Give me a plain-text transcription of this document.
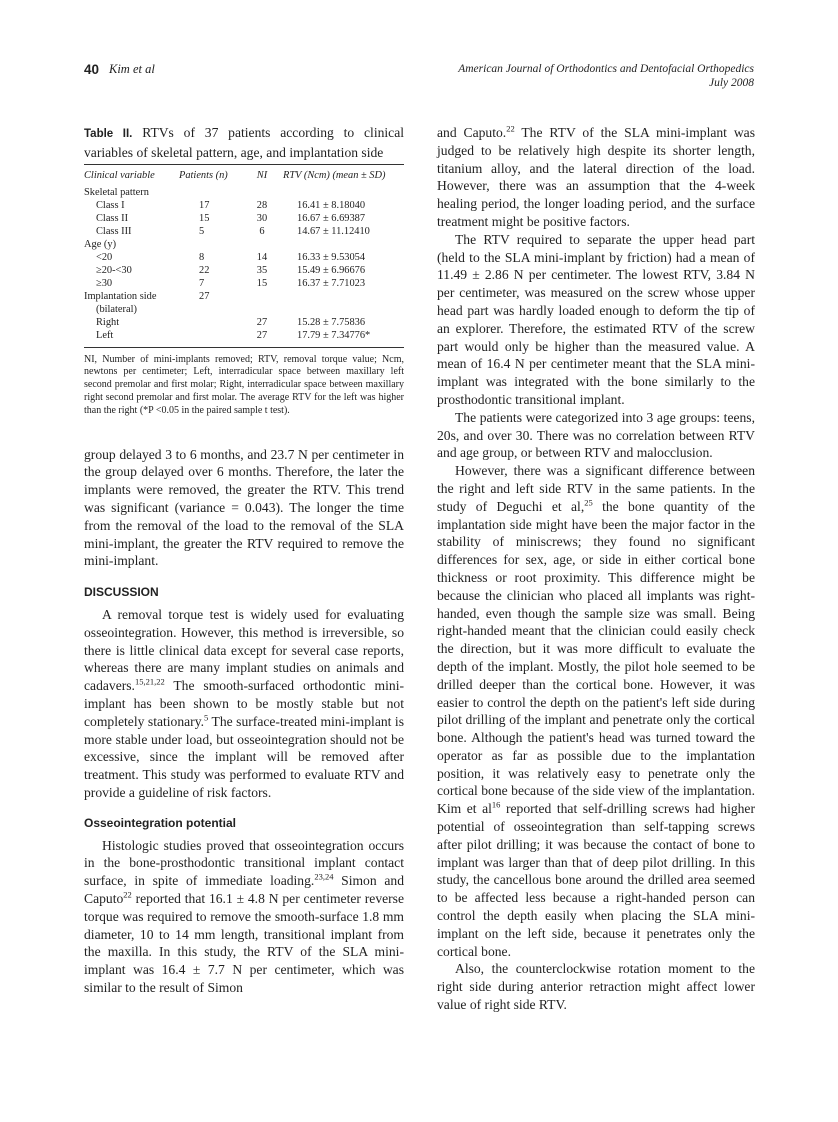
40 Kim et al	American Journal of Orthodontics and Dentofacial Orthopedics
July 2008

Table II. RTVs of 37 patients according to clinical variables of skeletal pattern, age, and implantation side

Clinical variable	Patients (n)	NI	RTV (Ncm) (mean ± SD)
Skeletal pattern			
Class I	17	28	16.41 ± 8.18040
Class II	15	30	16.67 ± 6.69387
Class III	5	6	14.67 ± 11.12410
Age (y)			
<20	8	14	16.33 ± 9.53054
≥20-<30	22	35	15.49 ± 6.96676
≥30	7	15	16.37 ± 7.71023
Implantation side	27		
(bilateral)			
Right		27	15.28 ± 7.75836
Left		27	17.79 ± 7.34776*

NI, Number of mini-implants removed; RTV, removal torque value; Ncm, newtons per centimeter; Left, interradicular space between maxillary left second premolar and first molar; Right, interradicular space between maxillary right second premolar and first molar. The average RTV for the left was higher than the right (*P <0.05 in the paired sample t test).

group delayed 3 to 6 months, and 23.7 N per centimeter in the group delayed over 6 months. Therefore, the later the implants were removed, the greater the RTV. This trend was significant (variance = 0.043). The longer the time from the removal of the load to the removal of the SLA mini-implant, the greater the RTV required to remove the mini-implant.

DISCUSSION

A removal torque test is widely used for evaluating osseointegration. However, this method is irreversible, so there is little clinical data except for several case reports, whereas there are many implant studies on animals and cadavers.$^{15,21,22}$ The smooth-surfaced orthodontic mini-implant has been shown to be mostly stable but not completely stationary.$^5$ The surface-treated mini-implant is more stable under load, but osseointegration should not be excessive, since the implant will be removed after treatment. This study was performed to evaluate RTV and provide a guideline of risk factors.

Osseointegration potential

Histologic studies proved that osseointegration occurs in the bone-prosthodontic transitional implant contact surface, in spite of immediate loading.$^{23,24}$ Simon and Caputo$^{22}$ reported that 16.1 ± 4.8 N per centimeter reverse torque was required to remove the smooth-surface 1.8 mm diameter, 10 to 14 mm length, transitional implant from the maxilla. In this study, the RTV of the SLA mini-implant was 16.4 ± 7.7 N per centimeter, which was similar to the result of Simon

and Caputo.$^{22}$ The RTV of the SLA mini-implant was judged to be relatively high despite its shorter length, titanium alloy, and the lateral direction of the load. However, there was an assumption that the 4-week healing period, the longer loading period, and the surface treatment might be positive factors.

The RTV required to separate the upper head part (held to the SLA mini-implant by friction) had a mean of 11.49 ± 2.86 N per centimeter. The lowest RTV, 3.84 N per centimeter, was measured on the screw whose upper head part was hardly loaded enough to deform the tip of an explorer. Therefore, the estimated RTV of the screw part would only be higher than the measured value. A mean of 16.4 N per centimeter meant that the SLA mini-implant was integrated with the bone similarly to the prosthodontic transitional implant.

The patients were categorized into 3 age groups: teens, 20s, and over 30. There was no correlation between RTV and age group, or between RTV and malocclusion.

However, there was a significant difference between the right and left side RTV in the same patients. In the study of Deguchi et al,$^{25}$ the bone quantity of the implantation side might have been the major factor in the stability of miniscrews; they found no significant differences for sex, age, or side in either cortical bone thickness or root proximity. This difference might be because the clinician who placed all implants was right-handed, even though the sample size was small. Being right-handed meant that the clinician could easily check the direction, but it was more difficult to evaluate the depth of the implant. Mostly, the pilot hole seemed to be drilled deeper than the cortical bone. However, it was easier to control the depth on the patient's left side during pilot drilling of the implant and penetrate only the cortical bone. Although the patient's head was turned toward the operator as far as possible due to the implantation position, it was relatively easy to penetrate only the cortical bone because of the side view of the implantation. Kim et $al^{16}$ reported that self-drilling screws had higher potential of osseointegration than self-tapping screws after pilot drilling; it was because the contact of bone to implant was larger than that of deep pilot drilling. In this study, the cancellous bone around the drilled area seemed to be affected less because a right-handed person can control the depth easily when placing the SLA mini-implant on the left side, because it penetrates only the cortical bone.

Also, the counterclockwise rotation moment to the right side during anterior retraction might affect lower value of right side RTV.
